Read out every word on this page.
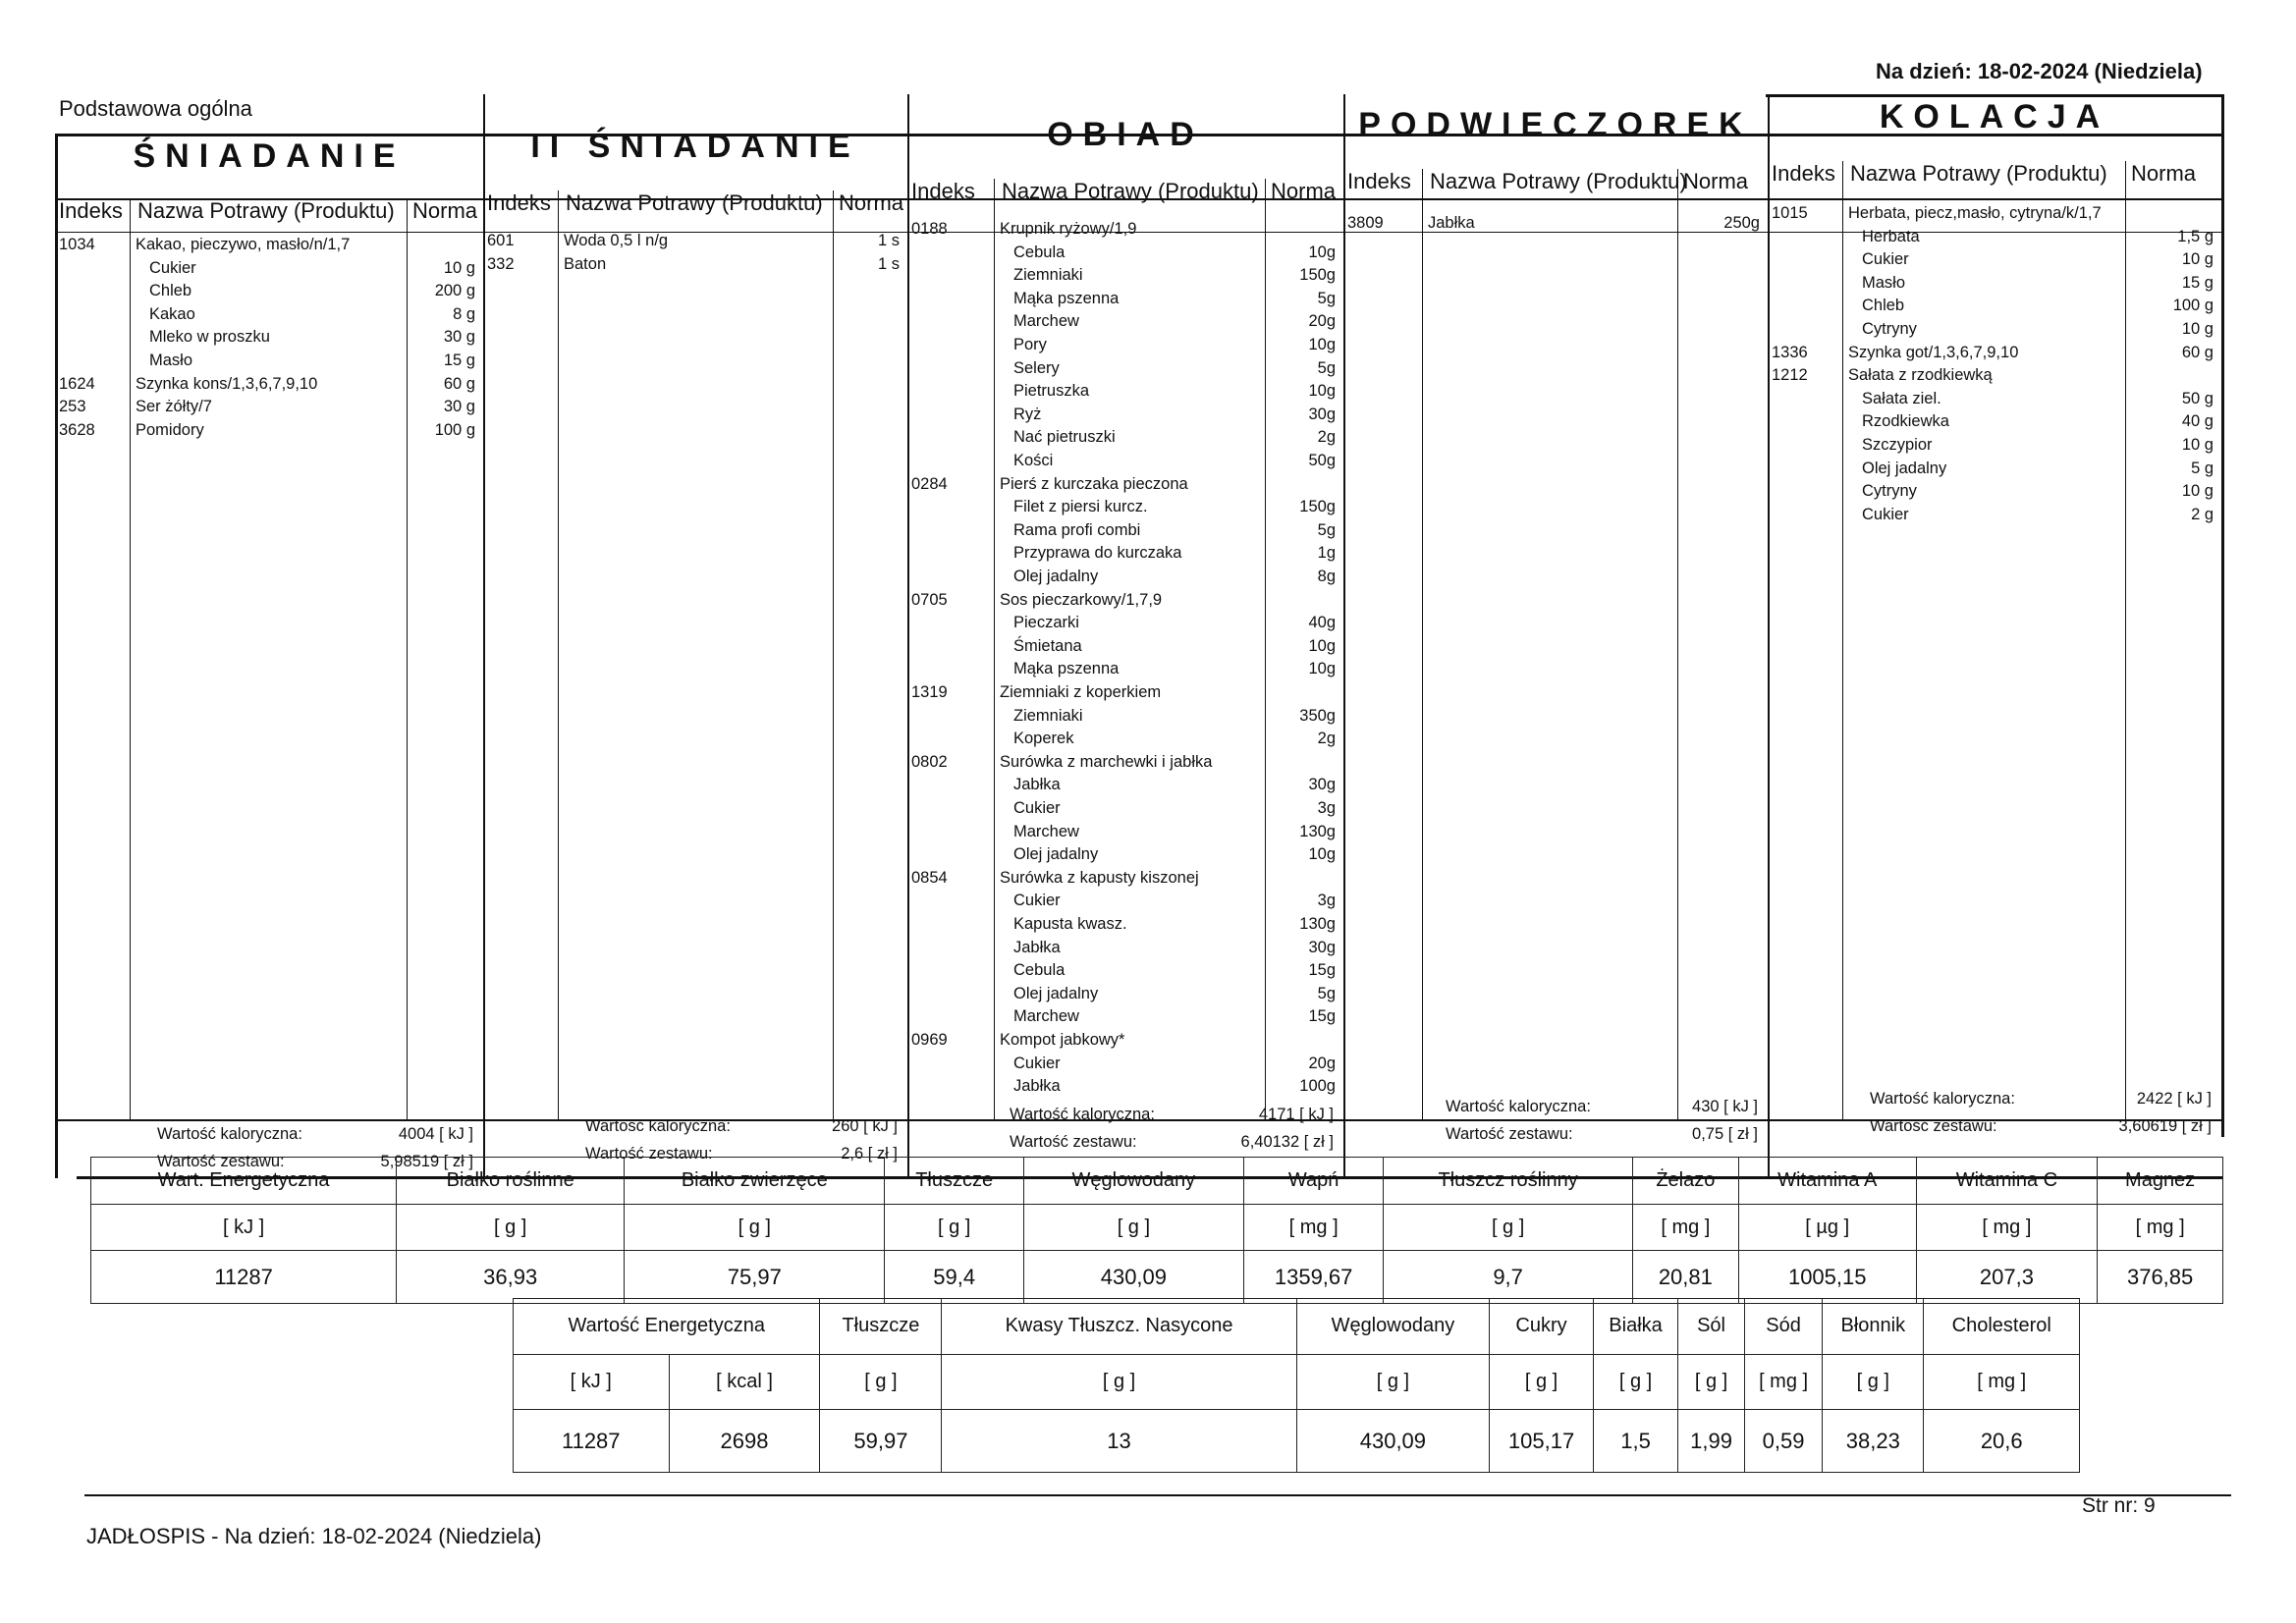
Na dzień: 18-02-2024 (Niedziela)
Podstawowa ogólna
ŚNIADANIE
Indeks Nazwa Potrawy (Produktu) Norma
1034	Kakao, pieczywo, masło/n/1,7
Cukier	10 g
Chleb	200 g
Kakao	8 g
Mleko w proszku	30 g
Masło	15 g
1624	Szynka kons/1,3,6,7,9,10	60 g
253	Ser żółty/7	30 g
3628	Pomidory	100 g
Wartość kaloryczna:	4004 [ kJ ]
Wartość zestawu:	5,98519 [ zł ]
II ŚNIADANIE
Indeks Nazwa Potrawy (Produktu) Norma
601	Woda 0,5 l n/g	1 s
332	Baton	1 s
Wartość kaloryczna:	260 [ kJ ]
Wartość zestawu:	2,6 [ zł ]
OBIAD
Indeks Nazwa Potrawy (Produktu) Norma
0188	Krupnik ryżowy/1,9
Cebula	10g
Ziemniaki	150g
Mąka pszenna	5g
Marchew	20g
Pory	10g
Selery	5g
Pietruszka	10g
Ryż	30g
Nać pietruszki	2g
Kości	50g
0284	Pierś z kurczaka pieczona
Filet z piersi kurcz.	150g
Rama profi combi	5g
Przyprawa do kurczaka	1g
Olej jadalny	8g
0705	Sos pieczarkowy/1,7,9
Pieczarki	40g
Śmietana	10g
Mąka pszenna	10g
1319	Ziemniaki z koperkiem
Ziemniaki	350g
Koperek	2g
0802	Surówka z marchewki i jabłka
Jabłka	30g
Cukier	3g
Marchew	130g
Olej jadalny	10g
0854	Surówka z kapusty kiszonej
Cukier	3g
Kapusta kwasz.	130g
Jabłka	30g
Cebula	15g
Olej jadalny	5g
Marchew	15g
0969	Kompot jabkowy*
Cukier	20g
Jabłka	100g
Wartość kaloryczna:	4171 [ kJ ]
Wartość zestawu:	6,40132 [ zł ]
PODWIECZOREK
Indeks Nazwa Potrawy (Produktu)
Norma
3809	Jabłka	250g
Wartość kaloryczna:	430 [ kJ ]
Wartość zestawu:	0,75 [ zł ]
KOLACJA
Indeks Nazwa Potrawy (Produktu) Norma
1015	Herbata, piecz,masło, cytryna/k/1,7
Herbata	1,5 g
Cukier	10 g
Masło	15 g
Chleb	100 g
Cytryny	10 g
1336	Szynka got/1,3,6,7,9,10	60 g
1212	Sałata z rzodkiewką
Sałata ziel.	50 g
Rzodkiewka	40 g
Szczypior	10 g
Olej jadalny	5 g
Cytryny	10 g
Cukier	2 g
Wartość kaloryczna:	2422 [ kJ ]
Wartość zestawu:	3,60619 [ zł ]
Wart. Energetyczna	Białko roślinne	Białko zwierzęce	Tłuszcze	Węglowodany	Wapń	Tłuszcz roślinny	Żelazo	Witamina A	Witamina C	Magnez
[ kJ ]	[ g ]	[ g ]	[ g ]	[ g ]	[ mg ]	[ g ]	[ mg ]	[ µg ]	[ mg ]	[ mg ]
11287	36,93	75,97	59,4	430,09	1359,67	9,7	20,81	1005,15	207,3	376,85
Wartość Energetyczna		Tłuszcze	Kwasy Tłuszcz. Nasycone	Węglowodany	Cukry	Białka	Sól	Sód	Błonnik	Cholesterol
[ kJ ]	[ kcal ]	[ g ]	[ g ]	[ g ]	[ g ]	[ g ]	[ g ]	[ mg ]	[ g ]	[ mg ]
11287	2698	59,97	13	430,09	105,17	1,5	1,99	0,59	38,23	20,6
JADŁOSPIS - Na dzień: 18-02-2024 (Niedziela)
Str nr: 9
